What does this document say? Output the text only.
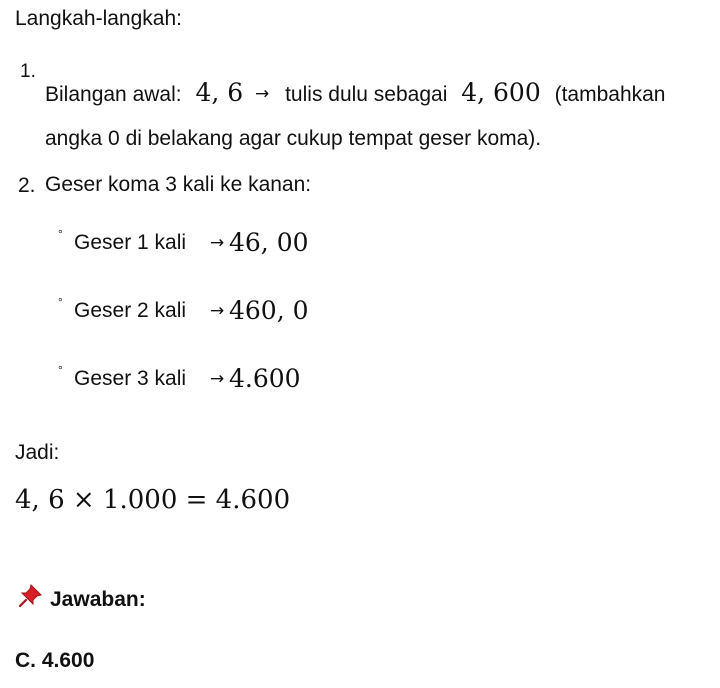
Langkah-langkah:
1.
Bilangan awal: 4, 6 → tulis dulu sebagai 4, 600 (tambahkan
angka 0 di belakang agar cukup tempat geser koma).
2. Geser koma 3 kali ke kanan:
° Geser 1 kali → 46, 00
° Geser 2 kali → 460, 0
° Geser 3 kali → 4.600
Jadi:
4, 6 × 1.000 = 4.600
Jawaban:
C. 4.600
